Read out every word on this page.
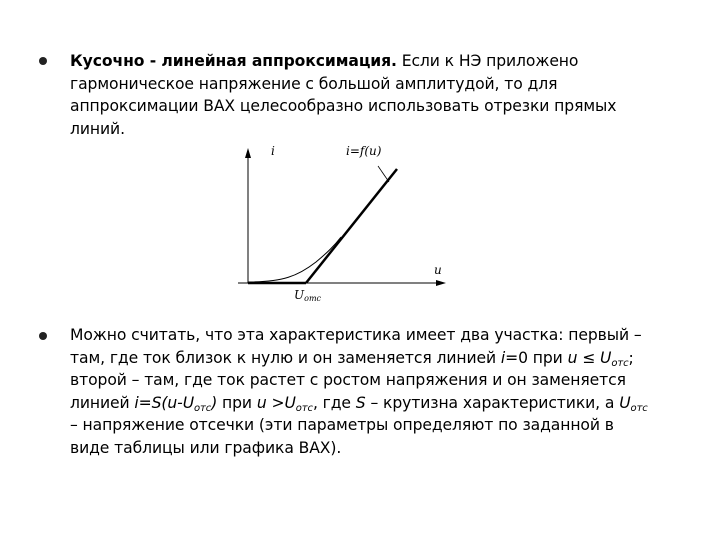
Кусочно - линейная аппроксимация. Если к НЭ приложено
гармоническое напряжение с большой амплитудой, то для
аппроксимации ВАХ целесообразно использовать отрезки прямых
линий.
i	i=f(u)
u
Uотс
Можно считать, что эта характеристика имеет два участка: первый –
там, где ток близок к нулю и он заменяется линией i=0 при $u \le U_{отс}$;
второй – там, где ток растет с ростом напряжения и он заменяется
линией $i=S(u-U_{отс})$ при $u >U_{отс}$, где S – крутизна характеристики, а $U_{отс}$
– напряжение отсечки (эти параметры определяют по заданной в
виде таблицы или графика ВАХ).
